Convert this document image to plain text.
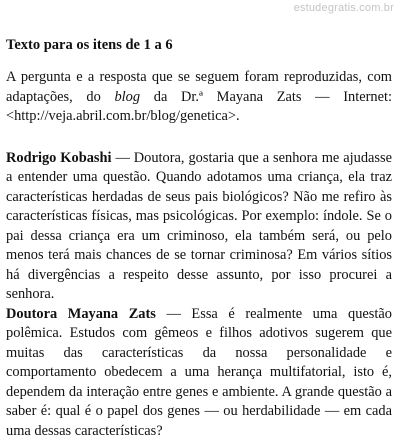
estudegratis.com.br
Texto para os itens de 1 a 6

A pergunta e a resposta que se seguem foram reproduzidas, com adaptações, do blog da Dr.ª Mayana Zats — Internet: <http://veja.abril.com.br/blog/genetica>.

Rodrigo Kobashi — Doutora, gostaria que a senhora me ajudasse a entender uma questão. Quando adotamos uma criança, ela traz características herdadas de seus pais biológicos? Não me refiro às características físicas, mas psicológicas. Por exemplo: índole. Se o pai dessa criança era um criminoso, ela também será, ou pelo menos terá mais chances de se tornar criminosa? Em vários sítios há divergências a respeito desse assunto, por isso procurei a senhora.

Doutora Mayana Zats — Essa é realmente uma questão polêmica. Estudos com gêmeos e filhos adotivos sugerem que muitas das características da nossa personalidade e comportamento obedecem a uma herança multifatorial, isto é, dependem da interação entre genes e ambiente. A grande questão a saber é: qual é o papel dos genes — ou herdabilidade — em cada uma dessas características?
